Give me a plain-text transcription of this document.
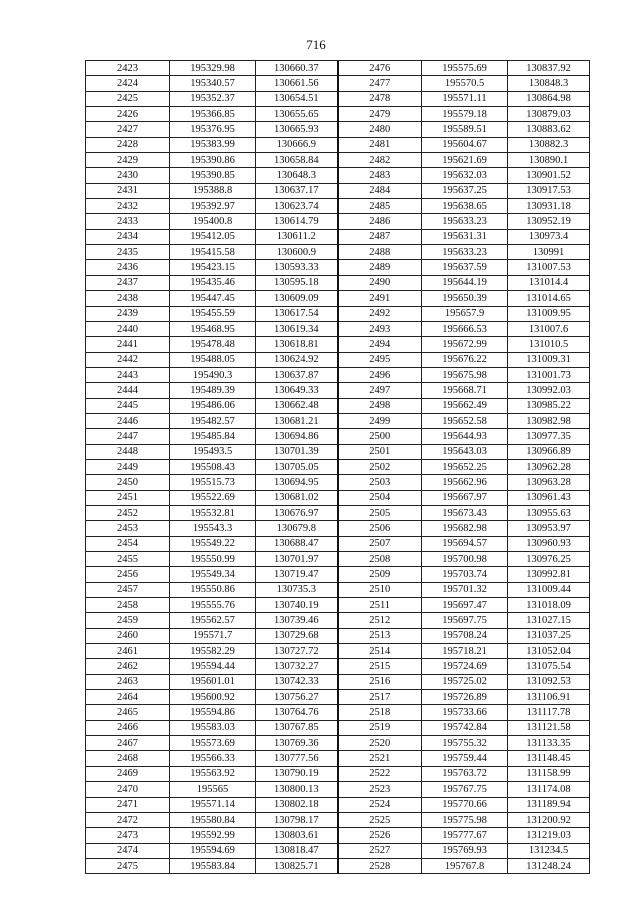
716
2423	195329.98	130660.37	2476	195575.69	130837.92
2424	195340.57	130661.56	2477	195570.5	130848.3
2425	195352.37	130654.51	2478	195571.11	130864.98
2426	195366.85	130655.65	2479	195579.18	130879.03
2427	195376.95	130665.93	2480	195589.51	130883.62
2428	195383.99	130666.9	2481	195604.67	130882.3
2429	195390.86	130658.84	2482	195621.69	130890.1
2430	195390.85	130648.3	2483	195632.03	130901.52
2431	195388.8	130637.17	2484	195637.25	130917.53
2432	195392.97	130623.74	2485	195638.65	130931.18
2433	195400.8	130614.79	2486	195633.23	130952.19
2434	195412.05	130611.2	2487	195631.31	130973.4
2435	195415.58	130600.9	2488	195633.23	130991
2436	195423.15	130593.33	2489	195637.59	131007.53
2437	195435.46	130595.18	2490	195644.19	131014.4
2438	195447.45	130609.09	2491	195650.39	131014.65
2439	195455.59	130617.54	2492	195657.9	131009.95
2440	195468.95	130619.34	2493	195666.53	131007.6
2441	195478.48	130618.81	2494	195672.99	131010.5
2442	195488.05	130624.92	2495	195676.22	131009.31
2443	195490.3	130637.87	2496	195675.98	131001.73
2444	195489.39	130649.33	2497	195668.71	130992.03
2445	195486.06	130662.48	2498	195662.49	130985.22
2446	195482.57	130681.21	2499	195652.58	130982.98
2447	195485.84	130694.86	2500	195644.93	130977.35
2448	195493.5	130701.39	2501	195643.03	130966.89
2449	195508.43	130705.05	2502	195652.25	130962.28
2450	195515.73	130694.95	2503	195662.96	130963.28
2451	195522.69	130681.02	2504	195667.97	130961.43
2452	195532.81	130676.97	2505	195673.43	130955.63
2453	195543.3	130679.8	2506	195682.98	130953.97
2454	195549.22	130688.47	2507	195694.57	130960.93
2455	195550.99	130701.97	2508	195700.98	130976.25
2456	195549.34	130719.47	2509	195703.74	130992.81
2457	195550.86	130735.3	2510	195701.32	131009.44
2458	195555.76	130740.19	2511	195697.47	131018.09
2459	195562.57	130739.46	2512	195697.75	131027.15
2460	195571.7	130729.68	2513	195708.24	131037.25
2461	195582.29	130727.72	2514	195718.21	131052.04
2462	195594.44	130732.27	2515	195724.69	131075.54
2463	195601.01	130742.33	2516	195725.02	131092.53
2464	195600.92	130756.27	2517	195726.89	131106.91
2465	195594.86	130764.76	2518	195733.66	131117.78
2466	195583.03	130767.85	2519	195742.84	131121.58
2467	195573.69	130769.36	2520	195755.32	131133.35
2468	195566.33	130777.56	2521	195759.44	131148.45
2469	195563.92	130790.19	2522	195763.72	131158.99
2470	195565	130800.13	2523	195767.75	131174.08
2471	195571.14	130802.18	2524	195770.66	131189.94
2472	195580.84	130798.17	2525	195775.98	131200.92
2473	195592.99	130803.61	2526	195777.67	131219.03
2474	195594.69	130818.47	2527	195769.93	131234.5
2475	195583.84	130825.71	2528	195767.8	131248.24
